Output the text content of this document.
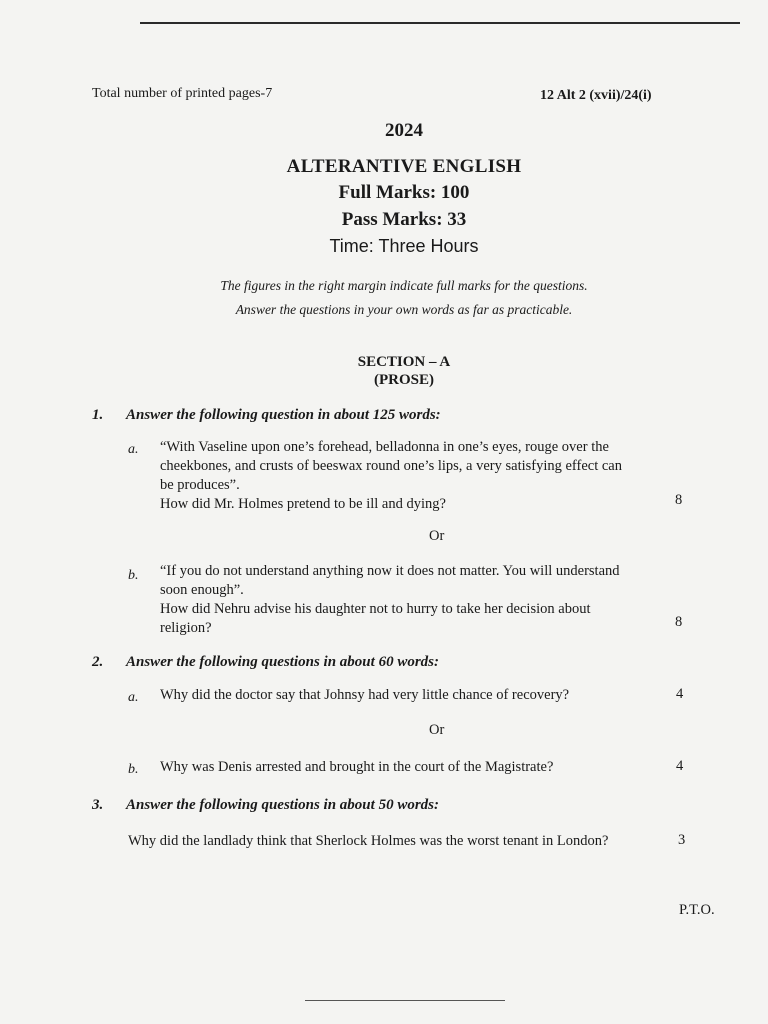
Total number of printed pages-7	12 Alt 2 (xvii)/24(i)
2024
ALTERANTIVE ENGLISH
Full Marks: 100
Pass Marks: 33
Time: Three Hours
The figures in the right margin indicate full marks for the questions.
Answer the questions in your own words as far as practicable.
SECTION – A
(PROSE)
1. Answer the following question in about 125 words:
a. “With Vaseline upon one’s forehead, belladonna in one’s eyes, rouge over the
cheekbones, and crusts of beeswax round one’s lips, a very satisfying effect can
be produces”.
How did Mr. Holmes pretend to be ill and dying?	8
Or
b. “If you do not understand anything now it does not matter. You will understand
soon enough”.
How did Nehru advise his daughter not to hurry to take her decision about
religion?	8
2. Answer the following questions in about 60 words:
a. Why did the doctor say that Johnsy had very little chance of recovery?	4
Or
b. Why was Denis arrested and brought in the court of the Magistrate?	4
3. Answer the following questions in about 50 words:
Why did the landlady think that Sherlock Holmes was the worst tenant in London?	3
P.T.O.
